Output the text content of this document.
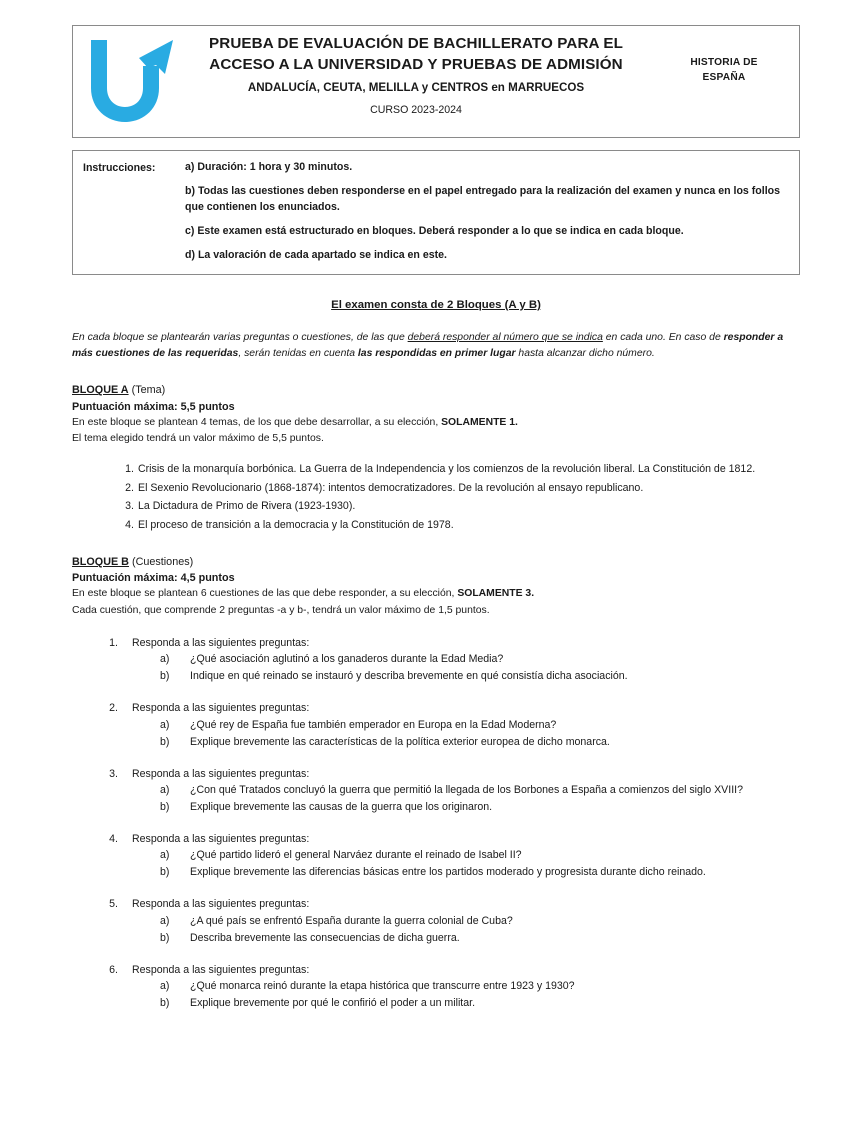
PRUEBA DE EVALUACIÓN DE BACHILLERATO PARA EL
ACCESO A LA UNIVERSIDAD Y PRUEBAS DE ADMISIÓN
ANDALUCÍA, CEUTA, MELILLA y CENTROS en MARRUECOS
CURSO 2023-2024
HISTORIA DE
ESPAÑA
Instrucciones:	a) Duración: 1 hora y 30 minutos.

b) Todas las cuestiones deben responderse en el papel entregado para la realización del examen y nunca en los follos que contienen los enunciados.

c) Este examen está estructurado en bloques. Deberá responder a lo que se indica en cada bloque.

d) La valoración de cada apartado se indica en este.

El examen consta de 2 Bloques (A y B)
En cada bloque se plantearán varias preguntas o cuestiones, de las que deberá responder al número que se indica en cada uno. En caso de responder a más cuestiones de las requeridas, serán tenidas en cuenta las respondidas en primer lugar hasta alcanzar dicho número.
BLOQUE A (Tema)
Puntuación máxima: 5,5 puntos
En este bloque se plantean 4 temas, de los que debe desarrollar, a su elección, SOLAMENTE 1.
El tema elegido tendrá un valor máximo de 5,5 puntos.
Crisis de la monarquía borbónica. La Guerra de la Independencia y los comienzos de la revolución liberal. La Constitución de 1812.
El Sexenio Revolucionario (1868-1874): intentos democratizadores. De la revolución al ensayo republicano.
La Dictadura de Primo de Rivera (1923-1930).
El proceso de transición a la democracia y la Constitución de 1978.
BLOQUE B (Cuestiones)
Puntuación máxima: 4,5 puntos
En este bloque se plantean 6 cuestiones de las que debe responder, a su elección, SOLAMENTE 3.
Cada cuestión, que comprende 2 preguntas -a y b-, tendrá un valor máximo de 1,5 puntos.
Responda a las siguientes preguntas:
a)	¿Qué asociación aglutinó a los ganaderos durante la Edad Media?
b)	Indique en qué reinado se instauró y describa brevemente en qué consistía dicha asociación.
Responda a las siguientes preguntas:
a)	¿Qué rey de España fue también emperador en Europa en la Edad Moderna?
b)	Explique brevemente las características de la política exterior europea de dicho monarca.
Responda a las siguientes preguntas:
a)	¿Con qué Tratados concluyó la guerra que permitió la llegada de los Borbones a España a comienzos del siglo XVIII?
b)	Explique brevemente las causas de la guerra que los originaron.
Responda a las siguientes preguntas:
a)	¿Qué partido lideró el general Narváez durante el reinado de Isabel II?
b)	Explique brevemente las diferencias básicas entre los partidos moderado y progresista durante dicho reinado.
Responda a las siguientes preguntas:
a)	¿A qué país se enfrentó España durante la guerra colonial de Cuba?
b)	Describa brevemente las consecuencias de dicha guerra.
Responda a las siguientes preguntas:
a)	¿Qué monarca reinó durante la etapa histórica que transcurre entre 1923 y 1930?
b)	Explique brevemente por qué le confirió el poder a un militar.
